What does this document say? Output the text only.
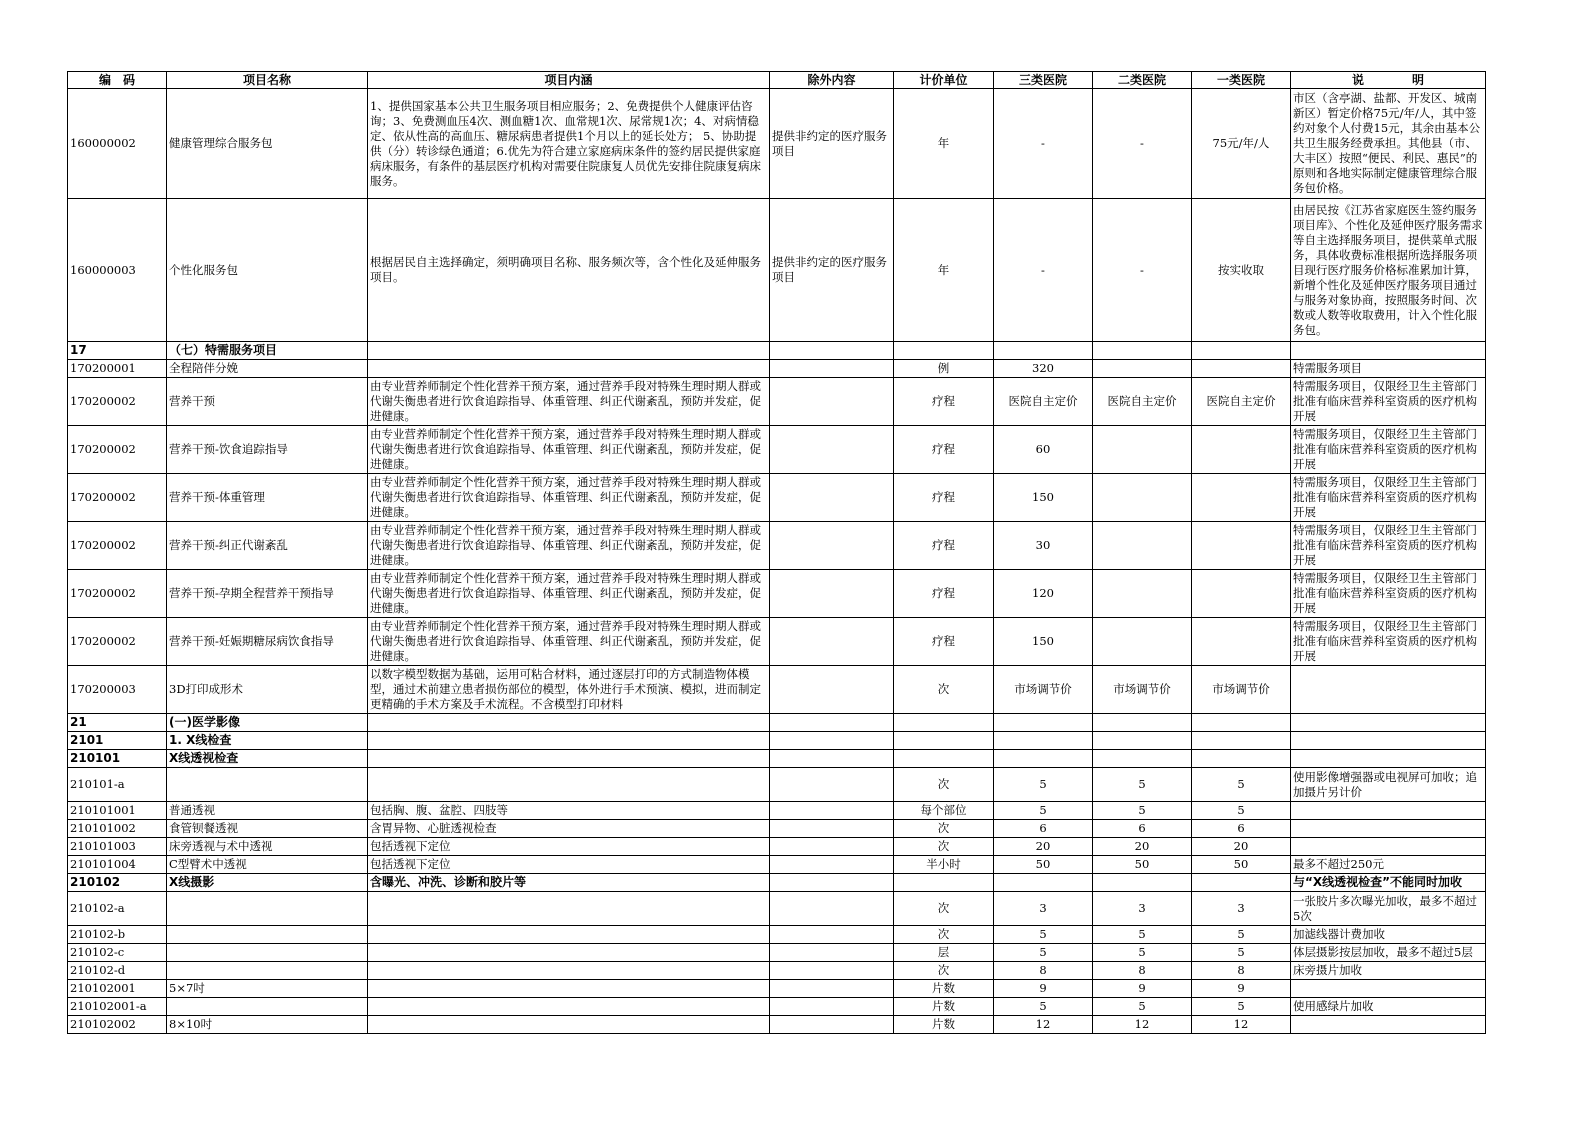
编　码	项目名称	项目内涵	除外内容	计价单位	三类医院	二类医院	一类医院	说　　　　明

160000002	健康管理综合服务包	1、提供国家基本公共卫生服务项目相应服务；2、免费提供个人健康评估咨询；3、免费测血压4次、测血糖1次、血常规1次、尿常规1次；4、对病情稳定、依从性高的高血压、糖尿病患者提供1个月以上的延长处方； 5、协助提供（分）转诊绿色通道；6.优先为符合建立家庭病床条件的签约居民提供家庭病床服务，有条件的基层医疗机构对需要住院康复人员优先安排住院康复病床服务。	提供非约定的医疗服务项目	年	-	-	75元/年/人	市区（含亭湖、盐都、开发区、城南新区）暂定价格75元/年/人，其中签约对象个人付费15元，其余由基本公共卫生服务经费承担。其他县（市、大丰区）按照“便民、利民、惠民”的原则和各地实际制定健康管理综合服务包价格。

160000003	个性化服务包	根据居民自主选择确定，须明确项目名称、服务频次等，含个性化及延伸服务项目。	提供非约定的医疗服务项目	年	-	-	按实收取	由居民按《江苏省家庭医生签约服务项目库》、个性化及延伸医疗服务需求等自主选择服务项目，提供菜单式服务，具体收费标准根据所选择服务项目现行医疗服务价格标准累加计算，新增个性化及延伸医疗服务项目通过与服务对象协商，按照服务时间、次数或人数等收取费用，计入个性化服务包。

17	（七）特需服务项目							

170200001	全程陪伴分娩			例	320			特需服务项目

170200002	营养干预	由专业营养师制定个性化营养干预方案，通过营养手段对特殊生理时期人群或代谢失衡患者进行饮食追踪指导、体重管理、纠正代谢紊乱，预防并发症，促进健康。		疗程	医院自主定价	医院自主定价	医院自主定价	特需服务项目，仅限经卫生主管部门批准有临床营养科室资质的医疗机构开展

170200002	营养干预-饮食追踪指导	由专业营养师制定个性化营养干预方案，通过营养手段对特殊生理时期人群或代谢失衡患者进行饮食追踪指导、体重管理、纠正代谢紊乱，预防并发症，促进健康。		疗程	60			特需服务项目，仅限经卫生主管部门批准有临床营养科室资质的医疗机构开展

170200002	营养干预-体重管理	由专业营养师制定个性化营养干预方案，通过营养手段对特殊生理时期人群或代谢失衡患者进行饮食追踪指导、体重管理、纠正代谢紊乱，预防并发症，促进健康。		疗程	150			特需服务项目，仅限经卫生主管部门批准有临床营养科室资质的医疗机构开展

170200002	营养干预-纠正代谢紊乱	由专业营养师制定个性化营养干预方案，通过营养手段对特殊生理时期人群或代谢失衡患者进行饮食追踪指导、体重管理、纠正代谢紊乱，预防并发症，促进健康。		疗程	30			特需服务项目，仅限经卫生主管部门批准有临床营养科室资质的医疗机构开展

170200002	营养干预-孕期全程营养干预指导	由专业营养师制定个性化营养干预方案，通过营养手段对特殊生理时期人群或代谢失衡患者进行饮食追踪指导、体重管理、纠正代谢紊乱，预防并发症，促进健康。		疗程	120			特需服务项目，仅限经卫生主管部门批准有临床营养科室资质的医疗机构开展

170200002	营养干预-妊娠期糖尿病饮食指导	由专业营养师制定个性化营养干预方案，通过营养手段对特殊生理时期人群或代谢失衡患者进行饮食追踪指导、体重管理、纠正代谢紊乱，预防并发症，促进健康。		疗程	150			特需服务项目，仅限经卫生主管部门批准有临床营养科室资质的医疗机构开展

170200003	3D打印成形术	以数字模型数据为基础，运用可粘合材料，通过逐层打印的方式制造物体模型，通过术前建立患者损伤部位的模型，体外进行手术预演、模拟，进而制定更精确的手术方案及手术流程。不含模型打印材料		次	市场调节价	市场调节价	市场调节价	

21	(一)医学影像							

2101	1. X线检查							

210101	X线透视检查							

210101-a				次	5	5	5	使用影像增强器或电视屏可加收；追加摄片另计价

210101001	普通透视	包括胸、腹、盆腔、四肢等		每个部位	5	5	5	

210101002	食管钡餐透视	含胃异物、心脏透视检查		次	6	6	6	

210101003	床旁透视与术中透视	包括透视下定位		次	20	20	20	

210101004	C型臂术中透视	包括透视下定位		半小时	50	50	50	最多不超过250元

210102	X线摄影	含曝光、冲洗、诊断和胶片等						与“X线透视检查”不能同时加收

210102-a				次	3	3	3	一张胶片多次曝光加收，最多不超过5次

210102-b				次	5	5	5	加滤线器计费加收

210102-c				层	5	5	5	体层摄影按层加收，最多不超过5层

210102-d				次	8	8	8	床旁摄片加收

210102001	5×7吋			片数	9	9	9	

210102001-a				片数	5	5	5	使用感绿片加收

210102002	8×10吋			片数	12	12	12	
